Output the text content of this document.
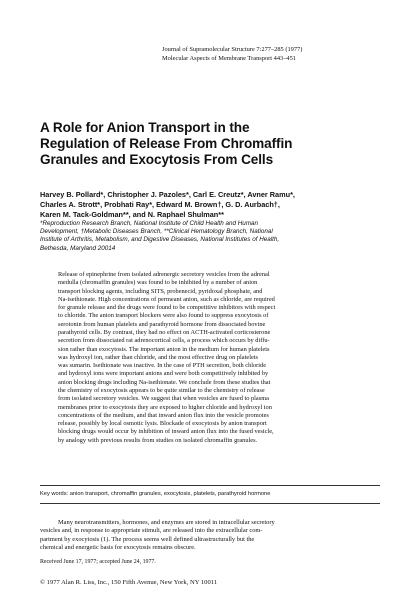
Journal of Supramolecular Structure 7:277–285 (1977)
Molecular Aspects of Membrane Transport 443–451
A Role for Anion Transport in the
Regulation of Release From Chromaffin
Granules and Exocytosis From Cells
Harvey B. Pollard*, Christopher J. Pazoles*, Carl E. Creutz*, Avner Ramu*,
Charles A. Strott*, Probhati Ray*, Edward M. Brown†, G. D. Aurbach†,
Karen M. Tack-Goldman**, and N. Raphael Shulman**
*Reproduction Research Branch, National Institute of Child Health and Human
Development, †Metabolic Diseases Branch, **Clinical Hematology Branch, National
Institute of Arthritis, Metabolism, and Digestive Diseases, National Institutes of Health,
Bethesda, Maryland 20014
Release of epinephrine from isolated adrenergic secretory vesicles from the adrenal
medulla (chromaffin granules) was found to be inhibited by a number of anion
transport blocking agents, including SITS, probenecid, pyridoxal phosphate, and
Na-isethionate. High concentrations of permeant anion, such as chloride, are required
for granule release and the drugs were found to be competitive inhibitors with respect
to chloride. The anion transport blockers were also found to suppress exocytosis of
serotonin from human platelets and parathyroid hormone from dissociated bovine
parathyroid cells. By contrast, they had no effect on ACTH-activated corticosterone
secretion from dissociated rat adrenocortical cells, a process which occurs by diffu-
sion rather than exocytosis. The important anion in the medium for human platelets
was hydroxyl ion, rather than chloride, and the most effective drug on platelets
was sumarin. Isethionate was inactive. In the case of PTH secretion, both chloride
and hydroxyl ions were important anions and were both competitively inhibited by
anion blocking drugs including Na-isethionate. We conclude from these studies that
the chemistry of exocytosis appears to be quite similar to the chemistry of release
from isolated secretory vesicles. We suggest that when vesicles are fused to plasma
membranes prior to exocytosis they are exposed to higher chloride and hydroxyl ion
concentrations of the medium, and that inward anion flux into the vesicle promotes
release, possibly by local osmotic lysis. Blockade of exocytosis by anion transport
blocking drugs would occur by inhibition of inward anion flux into the fused vesicle,
by analogy with previous results from studies on isolated chromaffin granules.
Key words: anion transport, chromaffin granules, exocytosis, platelets, parathyroid hormone
Many neurotransmitters, hormones, and enzymes are stored in intracellular secretory
vesicles and, in response to appropriate stimuli, are released into the extracellular com-
partment by exocytosis (1). The process seems well defined ultrastructurally but the
chemical and energetic basis for exocytosis remains obscure.
Received June 17, 1977; accepted June 24, 1977.
© 1977 Alan R. Liss, Inc., 150 Fifth Avenue, New York, NY 10011
